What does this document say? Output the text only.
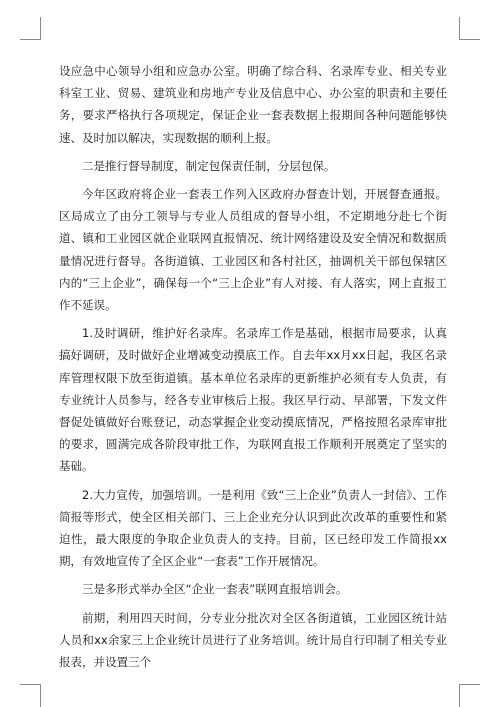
设应急中心领导小组和应急办公室。明确了综合科、名录库专业、相关专业科室工业、贸易、建筑业和房地产专业及信息中心、办公室的职责和主要任务，要求严格执行各项规定，保证企业一套表数据上报期间各种问题能够快速、及时加以解决，实现数据的顺利上报。

二是推行督导制度，制定包保责任制，分层包保。

今年区政府将企业一套表工作列入区政府办督查计划，开展督查通报。区局成立了由分工领导与专业人员组成的督导小组，不定期地分赴七个街道、镇和工业园区就企业联网直报情况、统计网络建设及安全情况和数据质量情况进行督导。各街道镇、工业园区和各村社区，抽调机关干部包保辖区内的“三上企业”，确保每一个“三上企业”有人对接、有人落实，网上直报工作不延误。

1.及时调研，维护好名录库。名录库工作是基础，根据市局要求，认真搞好调研，及时做好企业增减变动摸底工作。自去年xx月xx日起，我区名录库管理权限下放至街道镇。基本单位名录库的更新维护必须有专人负责，有专业统计人员参与，经各专业审核后上报。我区早行动、早部署，下发文件督促处镇做好台账登记，动态掌握企业变动摸底情况，严格按照名录库审批的要求，圆满完成各阶段审批工作，为联网直报工作顺利开展奠定了坚实的基础。

2.大力宣传，加强培训。一是利用《致“三上企业”负责人一封信》、工作简报等形式，使全区相关部门、三上企业充分认识到此次改革的重要性和紧迫性，最大限度的争取企业负责人的支持。目前，区已经印发工作简报xx期，有效地宣传了全区企业“一套表”工作开展情况。

三是多形式举办全区“企业一套表”联网直报培训会。

前期，利用四天时间，分专业分批次对全区各街道镇，工业园区统计站人员和xx余家三上企业统计员进行了业务培训。统计局自行印制了相关专业报表，并设置三个
